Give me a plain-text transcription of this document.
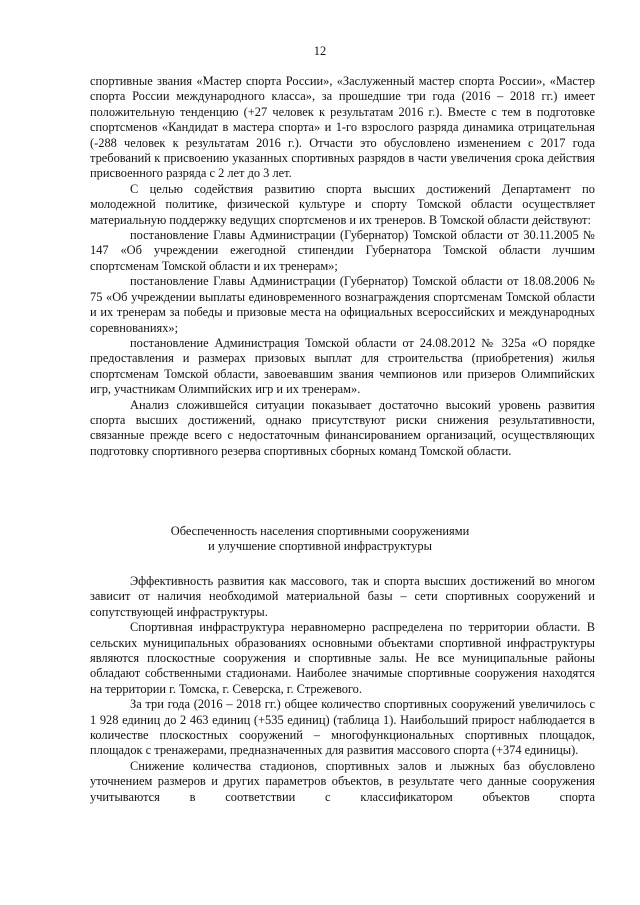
12

спортивные звания «Мастер спорта России», «Заслуженный мастер спорта России», «Мастер спорта России международного класса», за прошедшие три года (2016 – 2018 гг.) имеет положительную тенденцию (+27 человек к результатам 2016 г.). Вместе с тем в подготовке спортсменов «Кандидат в мастера спорта» и 1-го взрослого разряда динамика отрицательная (-288 человек к результатам 2016 г.). Отчасти это обусловлено изменением с 2017 года требований к присвоению указанных спортивных разрядов в части увеличения срока действия присвоенного разряда с 2 лет до 3 лет.

С целью содействия развитию спорта высших достижений Департамент по молодежной политике, физической культуре и спорту Томской области осуществляет материальную поддержку ведущих спортсменов и их тренеров. В Томской области действуют:

постановление Главы Администрации (Губернатор) Томской области от 30.11.2005 № 147 «Об учреждении ежегодной стипендии Губернатора Томской области лучшим спортсменам Томской области и их тренерам»;

постановление Главы Администрации (Губернатор) Томской области от 18.08.2006 № 75 «Об учреждении выплаты единовременного вознаграждения спортсменам Томской области и их тренерам за победы и призовые места на официальных всероссийских и международных соревнованиях»;

постановление Администрация Томской области от 24.08.2012 № 325а «О порядке предоставления и размерах призовых выплат для строительства (приобретения) жилья спортсменам Томской области, завоевавшим звания чемпионов или призеров Олимпийских игр, участникам Олимпийских игр и их тренерам».

Анализ сложившейся ситуации показывает достаточно высокий уровень развития спорта высших достижений, однако присутствуют риски снижения результативности, связанные прежде всего с недостаточным финансированием организаций, осуществляющих подготовку спортивного резерва спортивных сборных команд Томской области.

Обеспеченность населения спортивными сооружениями
и улучшение спортивной инфраструктуры

Эффективность развития как массового, так и спорта высших достижений во многом зависит от наличия необходимой материальной базы – сети спортивных сооружений и сопутствующей инфраструктуры.

Спортивная инфраструктура неравномерно распределена по территории области. В сельских муниципальных образованиях основными объектами спортивной инфраструктуры являются плоскостные сооружения и спортивные залы. Не все муниципальные районы обладают собственными стадионами. Наиболее значимые спортивные сооружения находятся на территории г. Томска, г. Северска, г. Стрежевого.

За три года (2016 – 2018 гг.) общее количество спортивных сооружений увеличилось с 1 928 единиц до 2 463 единиц (+535 единиц) (таблица 1). Наибольший прирост наблюдается в количестве плоскостных сооружений – многофункциональных спортивных площадок, площадок с тренажерами, предназначенных для развития массового спорта (+374 единицы).

Снижение количества стадионов, спортивных залов и лыжных баз обусловлено уточнением размеров и других параметров объектов, в результате чего данные сооружения учитываются в соответствии с классификатором объектов спорта
